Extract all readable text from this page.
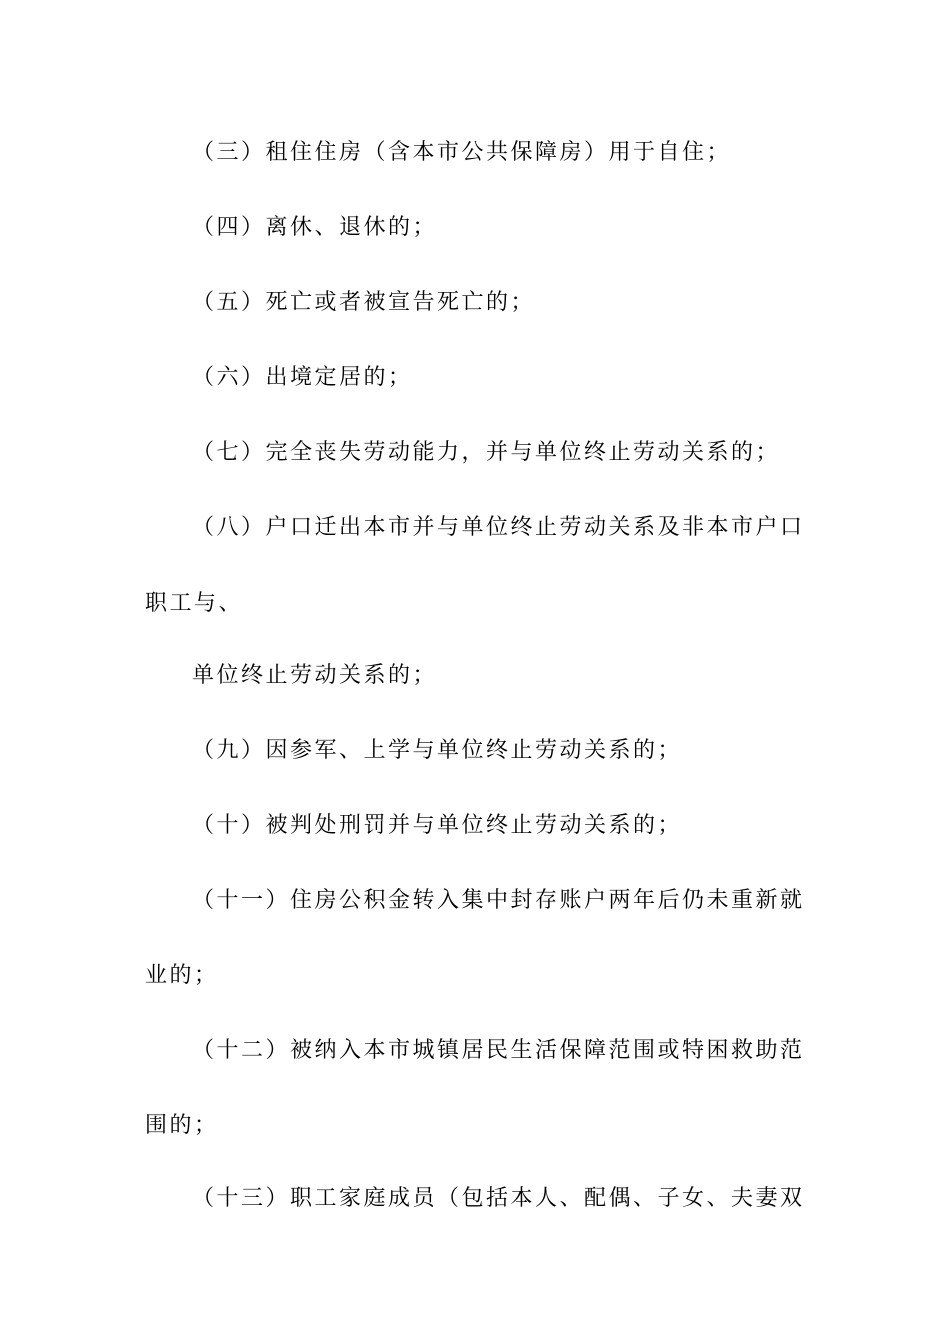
（三）租住住房（含本市公共保障房）用于自住；
（四）离休、退休的；
（五）死亡或者被宣告死亡的；
（六）出境定居的；
（七）完全丧失劳动能力，并与单位终止劳动关系的；
（八）户口迁出本市并与单位终止劳动关系及非本市户口
职工与、
单位终止劳动关系的；
（九）因参军、上学与单位终止劳动关系的；
（十）被判处刑罚并与单位终止劳动关系的；
（十一）住房公积金转入集中封存账户两年后仍未重新就
业的；
（十二）被纳入本市城镇居民生活保障范围或特困救助范
围的；
（十三）职工家庭成员（包括本人、配偶、子女、夫妻双
